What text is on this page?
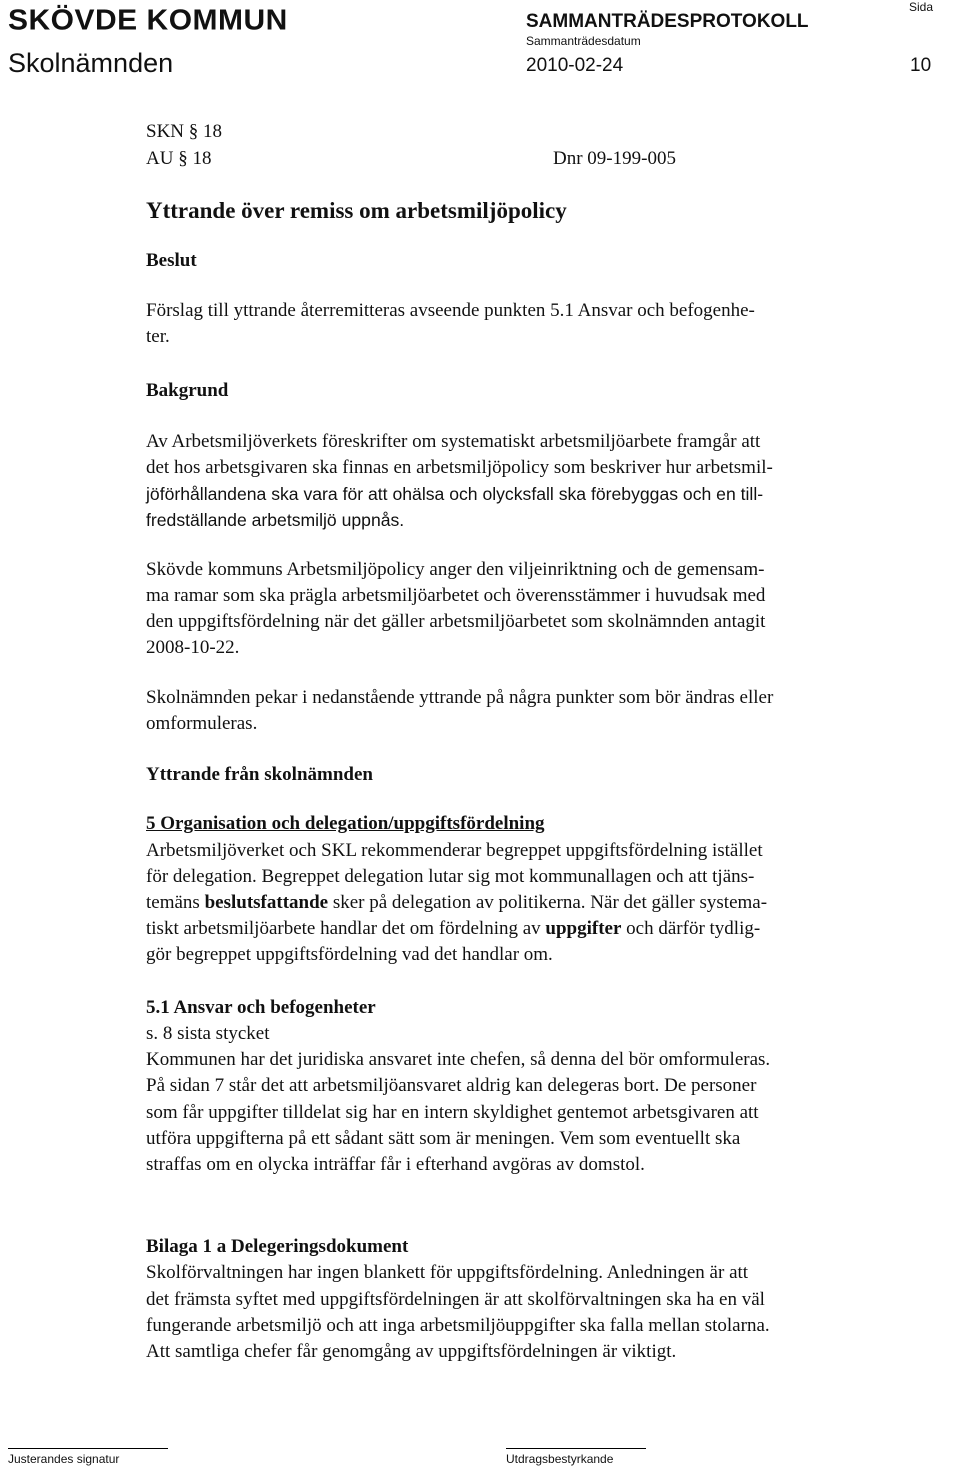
SKÖVDE KOMMUN	SAMMANTRÄDESPROTOKOLL
Sammanträdesdatum
Sida
Skolnämnden	2010-02-24	10
SKN § 18
AU § 18	Dnr 09-199-005
Yttrande över remiss om arbetsmiljöpolicy
Beslut
Förslag till yttrande återremitteras avseende punkten 5.1 Ansvar och befogenhe-
ter.
Bakgrund
Av Arbetsmiljöverkets föreskrifter om systematiskt arbetsmiljöarbete framgår att
det hos arbetsgivaren ska finnas en arbetsmiljöpolicy som beskriver hur arbetsmil-
jöförhållandena ska vara för att ohälsa och olycksfall ska förebyggas och en till-
fredställande arbetsmiljö uppnås.
Skövde kommuns Arbetsmiljöpolicy anger den viljeinriktning och de gemensam-
ma ramar som ska prägla arbetsmiljöarbetet och överensstämmer i huvudsak med
den uppgiftsfördelning när det gäller arbetsmiljöarbetet som skolnämnden antagit
2008-10-22.
Skolnämnden pekar i nedanstående yttrande på några punkter som bör ändras eller
omformuleras.
Yttrande från skolnämnden
5 Organisation och delegation/uppgiftsfördelning
Arbetsmiljöverket och SKL rekommenderar begreppet uppgiftsfördelning istället
för delegation. Begreppet delegation lutar sig mot kommunallagen och att tjäns-
temäns beslutsfattande sker på delegation av politikerna. När det gäller systema-
tiskt arbetsmiljöarbete handlar det om fördelning av uppgifter och därför tydlig-
gör begreppet uppgiftsfördelning vad det handlar om.
5.1 Ansvar och befogenheter
s. 8 sista stycket
Kommunen har det juridiska ansvaret inte chefen, så denna del bör omformuleras.
På sidan 7 står det att arbetsmiljöansvaret aldrig kan delegeras bort. De personer
som får uppgifter tilldelat sig har en intern skyldighet gentemot arbetsgivaren att
utföra uppgifterna på ett sådant sätt som är meningen. Vem som eventuellt ska
straffas om en olycka inträffar får i efterhand avgöras av domstol.
Bilaga 1 a Delegeringsdokument
Skolförvaltningen har ingen blankett för uppgiftsfördelning. Anledningen är att
det främsta syftet med uppgiftsfördelningen är att skolförvaltningen ska ha en väl
fungerande arbetsmiljö och att inga arbetsmiljöuppgifter ska falla mellan stolarna.
Att samtliga chefer får genomgång av uppgiftsfördelningen är viktigt.
Justerandes signatur	Utdragsbestyrkande
